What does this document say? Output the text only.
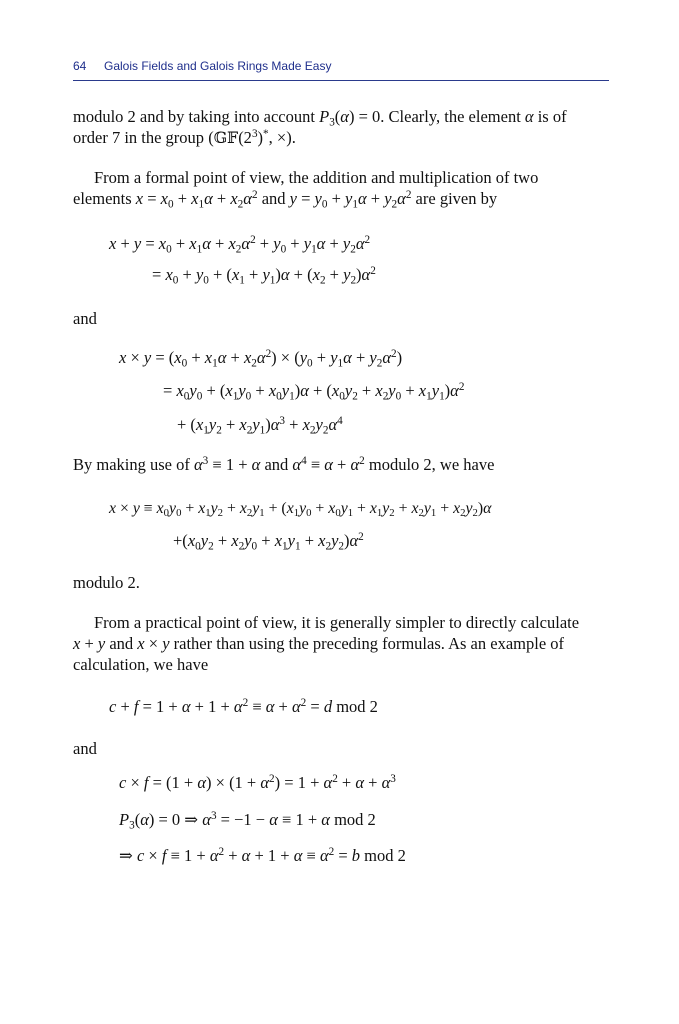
64 Galois Fields and Galois Rings Made Easy
modulo 2 and by taking into account $P_3(\alpha) = 0$. Clearly, the element α is of
order 7 in the group ($𝔾𝔽(2^3)^*$, ×).
From a formal point of view, the addition and multiplication of two

elements $x = x_0 + x_1\alpha + x_2\alpha^2$ and $y = y_0 + y_1\alpha + y_2\alpha^2$ are given by
$x + y = x_0 + x_1\alpha + x_2\alpha^2 + y_0 + y_1\alpha + y_2\alpha^2$
= $x_0 + y_0 + (x_1 + y_1)\alpha + (x_2 + y_2)\alpha^2$
and
$x \times y = (x_0 + x_1\alpha + x_2\alpha^2) \times (y_0 + y_1\alpha + y_2\alpha^2)$
= $x_0y_0 + (x_1y_0 + x_0y_1)\alpha + (x_0y_2 + x_2y_0 + x_1y_1)\alpha^2$
+ $(x_1y_2 + x_2y_1)\alpha^3 + x_2y_2\alpha^4$
By making use of $\alpha^3 \equiv 1 + \alpha$ and $\alpha^4 \equiv \alpha + \alpha^2$ modulo 2, we have
$x \times y \equiv x_0y_0 + x_1y_2 + x_2y_1 + (x_1y_0 + x_0y_1 + x_1y_2 + x_2y_1 + x_2y_2)\alpha$
$+(x_0y_2 + x_2y_0 + x_1y_1 + x_2y_2)\alpha^2$
modulo 2.
From a practical point of view, it is generally simpler to directly calculate
x + y and x × y rather than using the preceding formulas. As an example of
calculation, we have
$c + f = 1 + \alpha + 1 + \alpha^2 \equiv \alpha + \alpha^2 = d$ mod 2
and
$c \times f = (1 + \alpha) \times (1 + \alpha^2) = 1 + \alpha^2 + \alpha + \alpha^3$
$P_3(\alpha) = 0$ ⇒ $\alpha^3 = -1 - \alpha \equiv 1 + \alpha$ mod 2
⇒ $c \times f \equiv 1 + \alpha^2 + \alpha + 1 + \alpha \equiv \alpha^2 = b$ mod 2
